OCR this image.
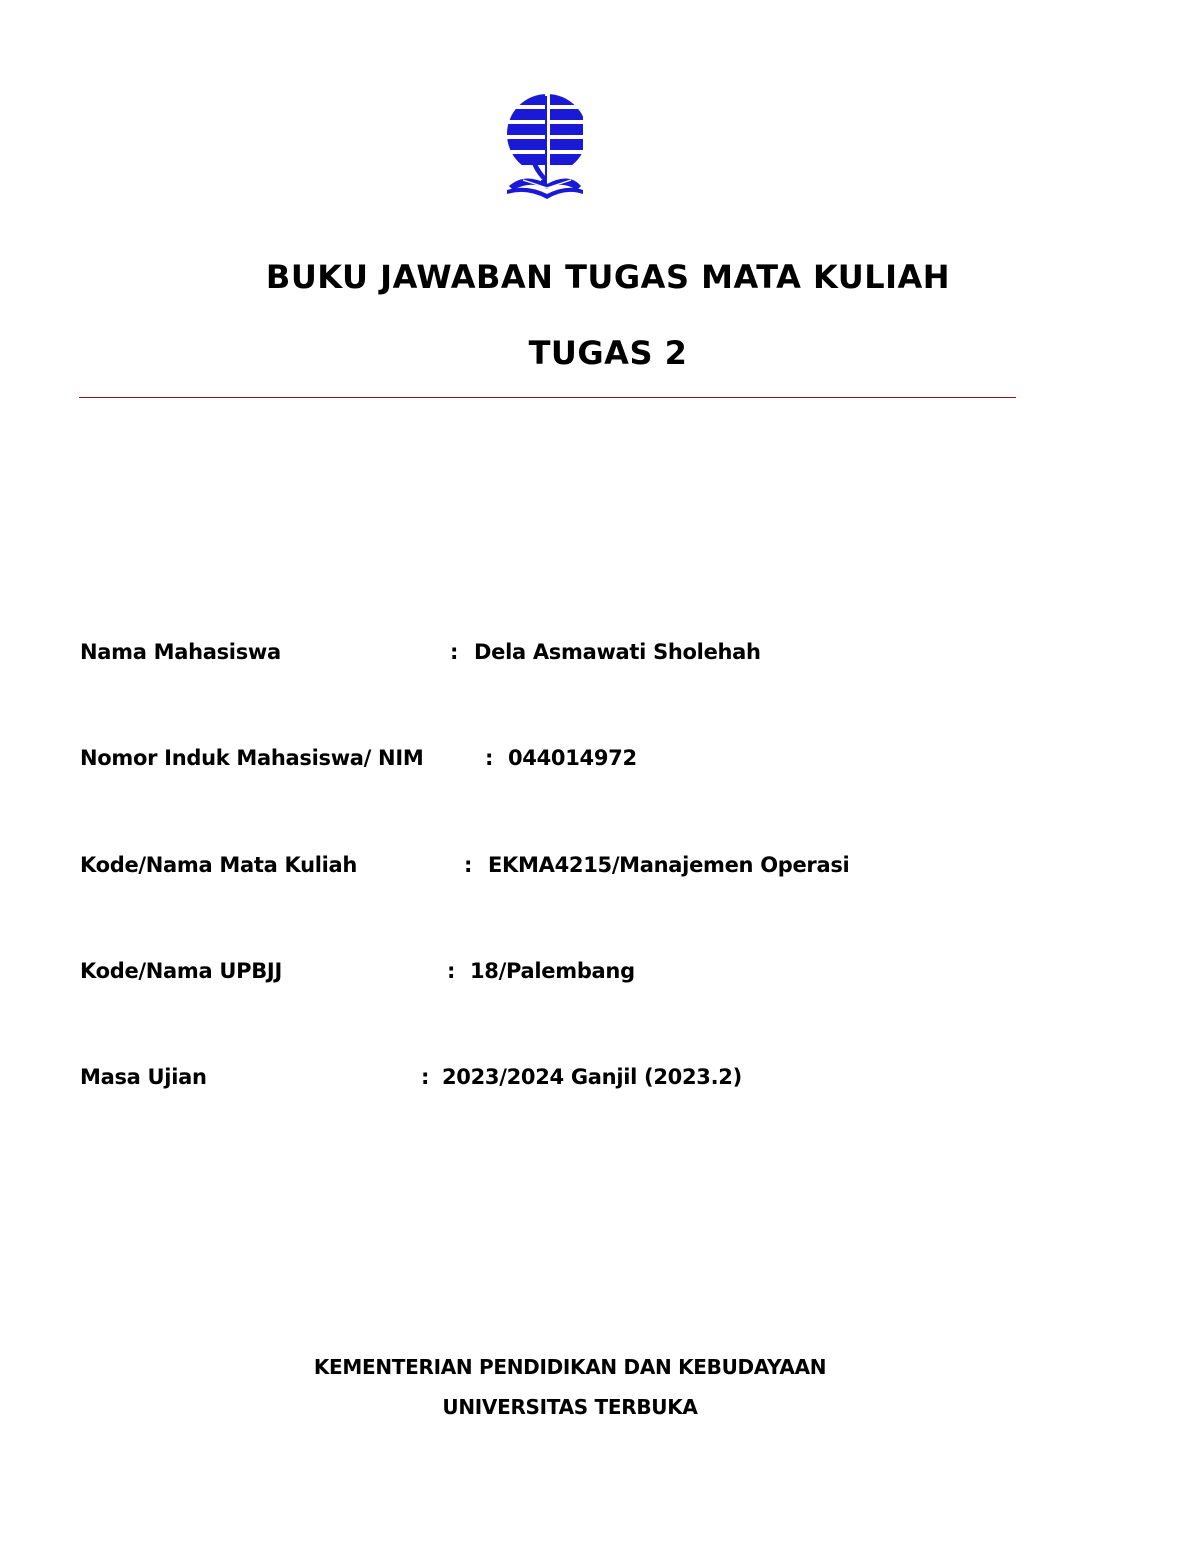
BUKU JAWABAN TUGAS MATA KULIAH
TUGAS 2
Nama Mahasiswa	: Dela Asmawati Sholehah
Nomor Induk Mahasiswa/ NIM	: 044014972
Kode/Nama Mata Kuliah	: EKMA4215/Manajemen Operasi
Kode/Nama UPBJJ	: 18/Palembang
Masa Ujian	: 2023/2024 Ganjil (2023.2)
KEMENTERIAN PENDIDIKAN DAN KEBUDAYAAN
UNIVERSITAS TERBUKA
